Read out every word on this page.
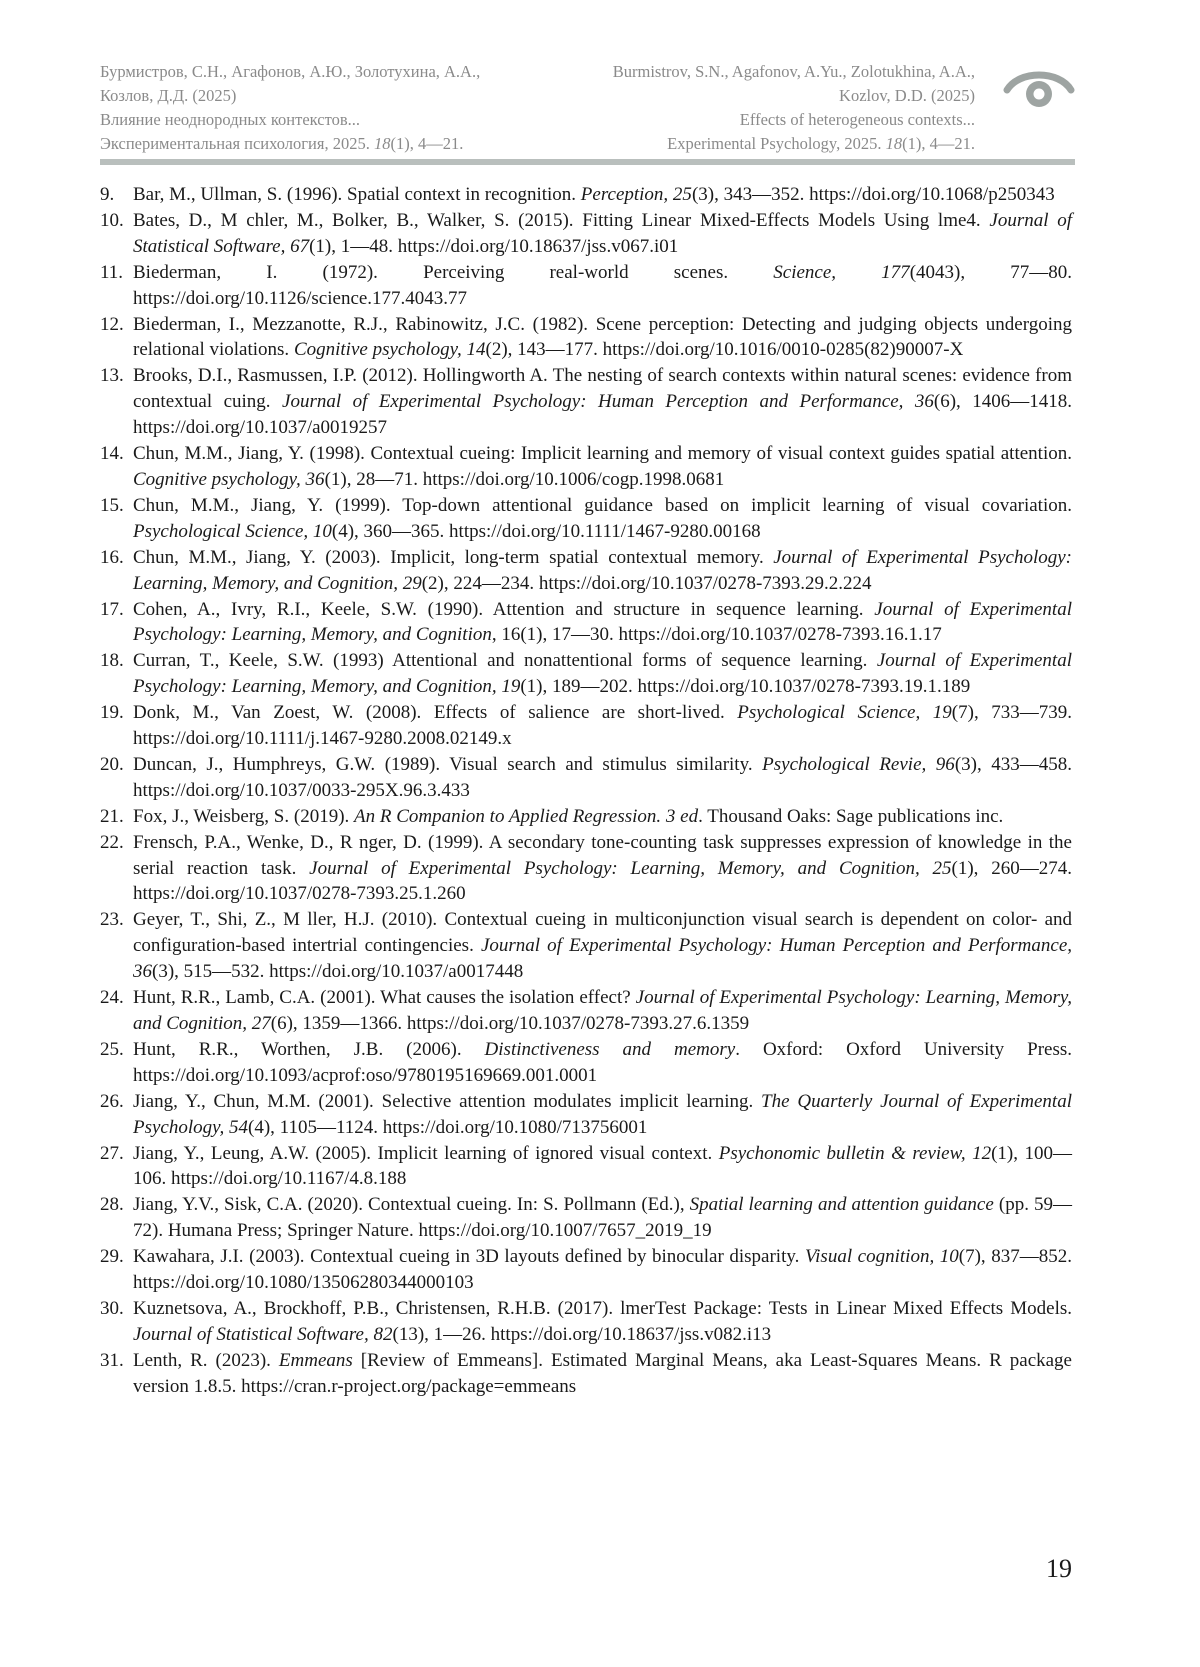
Бурмистров, С.Н., Агафонов, А.Ю., Золотухина, А.А.,
Козлов, Д.Д. (2025)
Влияние неоднородных контекстов...
Экспериментальная психология, 2025. 18(1), 4—21.
Burmistrov, S.N., Agafonov, A.Yu., Zolotukhina, A.A.,
Kozlov, D.D. (2025)
Effects of heterogeneous contexts...
Experimental Psychology, 2025. 18(1), 4—21.
9. Bar, M., Ullman, S. (1996). Spatial context in recognition. Perception, 25(3), 343—352. https://doi.org/10.1068/p250343
10. Bates, D., M chler, M., Bolker, B., Walker, S. (2015). Fitting Linear Mixed-Effects Models Using lme4. Journal of Statistical Software, 67(1), 1—48. https://doi.org/10.18637/jss.v067.i01
11. Biederman, I. (1972). Perceiving real-world scenes. Science, 177(4043), 77—80. https://doi.org/10.1126/science.177.4043.77
12. Biederman, I., Mezzanotte, R.J., Rabinowitz, J.C. (1982). Scene perception: Detecting and judging objects undergoing relational violations. Cognitive psychology, 14(2), 143—177. https://doi.org/10.1016/0010-0285(82)90007-X
13. Brooks, D.I., Rasmussen, I.P. (2012). Hollingworth A. The nesting of search contexts within natural scenes: evidence from contextual cuing. Journal of Experimental Psychology: Human Perception and Performance, 36(6), 1406—1418. https://doi.org/10.1037/a0019257
14. Chun, M.M., Jiang, Y. (1998). Contextual cueing: Implicit learning and memory of visual context guides spatial attention. Cognitive psychology, 36(1), 28—71. https://doi.org/10.1006/cogp.1998.0681
15. Chun, M.M., Jiang, Y. (1999). Top-down attentional guidance based on implicit learning of visual covariation. Psychological Science, 10(4), 360—365. https://doi.org/10.1111/1467-9280.00168
16. Chun, M.M., Jiang, Y. (2003). Implicit, long-term spatial contextual memory. Journal of Experimental Psychology: Learning, Memory, and Cognition, 29(2), 224—234. https://doi.org/10.1037/0278-7393.29.2.224
17. Cohen, A., Ivry, R.I., Keele, S.W. (1990). Attention and structure in sequence learning. Journal of Experimental Psychology: Learning, Memory, and Cognition, 16(1), 17—30. https://doi.org/10.1037/0278-7393.16.1.17
18. Curran, T., Keele, S.W. (1993) Attentional and nonattentional forms of sequence learning. Journal of Experimental Psychology: Learning, Memory, and Cognition, 19(1), 189—202. https://doi.org/10.1037/0278-7393.19.1.189
19. Donk, M., Van Zoest, W. (2008). Effects of salience are short-lived. Psychological Science, 19(7), 733—739. https://doi.org/10.1111/j.1467-9280.2008.02149.x
20. Duncan, J., Humphreys, G.W. (1989). Visual search and stimulus similarity. Psychological Revie, 96(3), 433—458. https://doi.org/10.1037/0033-295X.96.3.433
21. Fox, J., Weisberg, S. (2019). An R Companion to Applied Regression. 3 ed. Thousand Oaks: Sage publications inc.
22. Frensch, P.A., Wenke, D., R nger, D. (1999). A secondary tone-counting task suppresses expression of knowledge in the serial reaction task. Journal of Experimental Psychology: Learning, Memory, and Cognition, 25(1), 260—274. https://doi.org/10.1037/0278-7393.25.1.260
23. Geyer, T., Shi, Z., M ller, H.J. (2010). Contextual cueing in multiconjunction visual search is dependent on color- and configuration-based intertrial contingencies. Journal of Experimental Psychology: Human Perception and Performance, 36(3), 515—532. https://doi.org/10.1037/a0017448
24. Hunt, R.R., Lamb, C.A. (2001). What causes the isolation effect? Journal of Experimental Psychology: Learning, Memory, and Cognition, 27(6), 1359—1366. https://doi.org/10.1037/0278-7393.27.6.1359
25. Hunt, R.R., Worthen, J.B. (2006). Distinctiveness and memory. Oxford: Oxford University Press. https://doi.org/10.1093/acprof:oso/9780195169669.001.0001
26. Jiang, Y., Chun, M.M. (2001). Selective attention modulates implicit learning. The Quarterly Journal of Experimental Psychology, 54(4), 1105—1124. https://doi.org/10.1080/713756001
27. Jiang, Y., Leung, A.W. (2005). Implicit learning of ignored visual context. Psychonomic bulletin & review, 12(1), 100—106. https://doi.org/10.1167/4.8.188
28. Jiang, Y.V., Sisk, C.A. (2020). Contextual cueing. In: S. Pollmann (Ed.), Spatial learning and attention guidance (pp. 59—72). Humana Press; Springer Nature. https://doi.org/10.1007/7657_2019_19
29. Kawahara, J.I. (2003). Contextual cueing in 3D layouts defined by binocular disparity. Visual cognition, 10(7), 837—852. https://doi.org/10.1080/13506280344000103
30. Kuznetsova, A., Brockhoff, P.B., Christensen, R.H.B. (2017). lmerTest Package: Tests in Linear Mixed Effects Models. Journal of Statistical Software, 82(13), 1—26. https://doi.org/10.18637/jss.v082.i13
31. Lenth, R. (2023). Emmeans [Review of Emmeans]. Estimated Marginal Means, aka Least-Squares Means. R package version 1.8.5. https://cran.r-project.org/package=emmeans
19
